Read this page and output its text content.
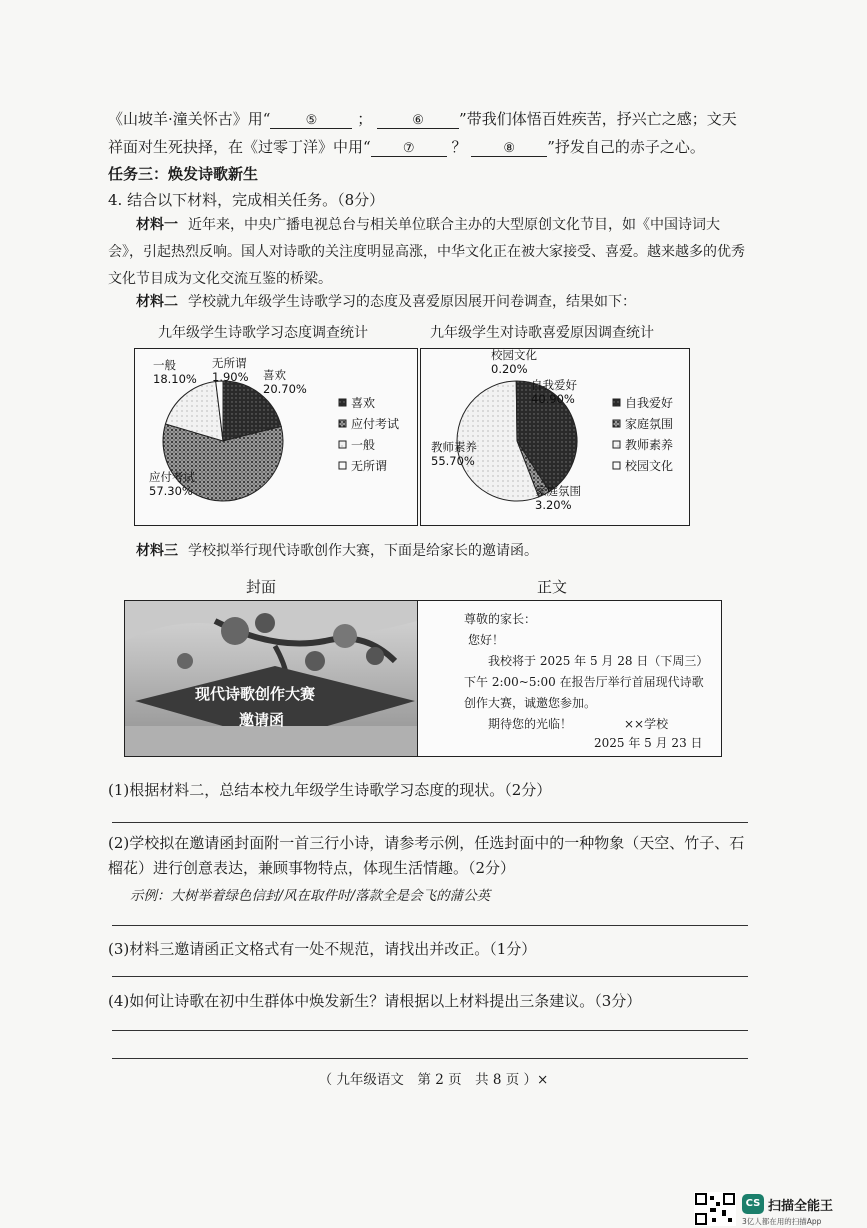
《山坡羊·潼关怀古》用“	⑤	；	⑥ ”带我们体悟百姓疾苦，抒兴亡之感；文天
祥面对生死抉择，在《过零丁洋》中用“ ⑦ ？	⑧ ”抒发自己的赤子之心。
任务三：焕发诗歌新生
4. 结合以下材料，完成相关任务。（8分）
材料一 近年来，中央广播电视总台与相关单位联合主办的大型原创文化节目，如《中国诗词大会》，引起热烈反响。国人对诗歌的关注度明显高涨，中华文化正在被大家接受、喜爱。越来越多的优秀文化节目成为文化交流互鉴的桥梁。
材料二 学校就九年级学生诗歌学习的态度及喜爱原因展开问卷调查，结果如下：
九年级学生诗歌学习态度调查统计	九年级学生对诗歌喜爱原因调查统计
喜欢
20.70%
应付考试
57.30%
一般
18.10%
无所谓
1.90%
喜欢
应付考试
一般
无所谓
自我爱好
40.90%
家庭氛围
3.20%
教师素养
55.70%
校园文化
0.20%
自我爱好
家庭氛围
教师素养
校园文化
材料三 学校拟举行现代诗歌创作大赛，下面是给家长的邀请函。
封面	正文
现代诗歌创作大赛
邀请函
尊敬的家长：
您好！
我校将于 2025 年 5 月 28 日（下周三）下午 2:00~5:00 在报告厅举行首届现代诗歌创作大赛，诚邀您参加。
期待您的光临！	××学校
2025 年 5 月 23 日
(1)根据材料二，总结本校九年级学生诗歌学习态度的现状。（2分）
(2)学校拟在邀请函封面附一首三行小诗，请参考示例，任选封面中的一种物象（天空、竹子、石
榴花）进行创意表达，兼顾事物特点，体现生活情趣。（2分）
示例：大树举着绿色信封/风在取件时/落款全是会飞的蒲公英
(3)材料三邀请函正文格式有一处不规范，请找出并改正。（1分）
(4)如何让诗歌在初中生群体中焕发新生？请根据以上材料提出三条建议。（3分）
（ 九年级语文　第 2 页　共 8 页 ）×
CS 扫描全能王
3亿人都在用的扫描App
